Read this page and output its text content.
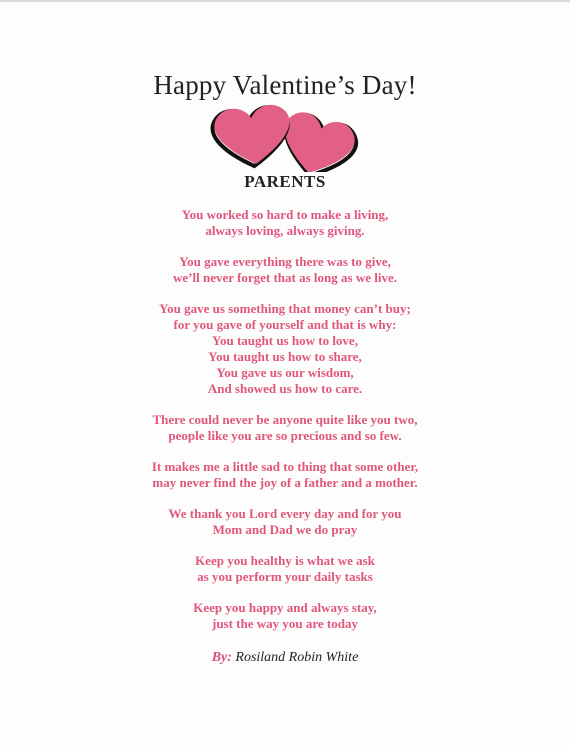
Happy Valentine’s Day!
PARENTS
You worked so hard to make a living,
always loving, always giving.
You gave everything there was to give,
we’ll never forget that as long as we live.
You gave us something that money can’t buy;
for you gave of yourself and that is why:
You taught us how to love,
You taught us how to share,
You gave us our wisdom,
And showed us how to care.
There could never be anyone quite like you two,
people like you are so precious and so few.
It makes me a little sad to thing that some other,
may never find the joy of a father and a mother.
We thank you Lord every day and for you
Mom and Dad we do pray
Keep you healthy is what we ask
as you perform your daily tasks
Keep you happy and always stay,
just the way you are today
By: Rosiland Robin White
